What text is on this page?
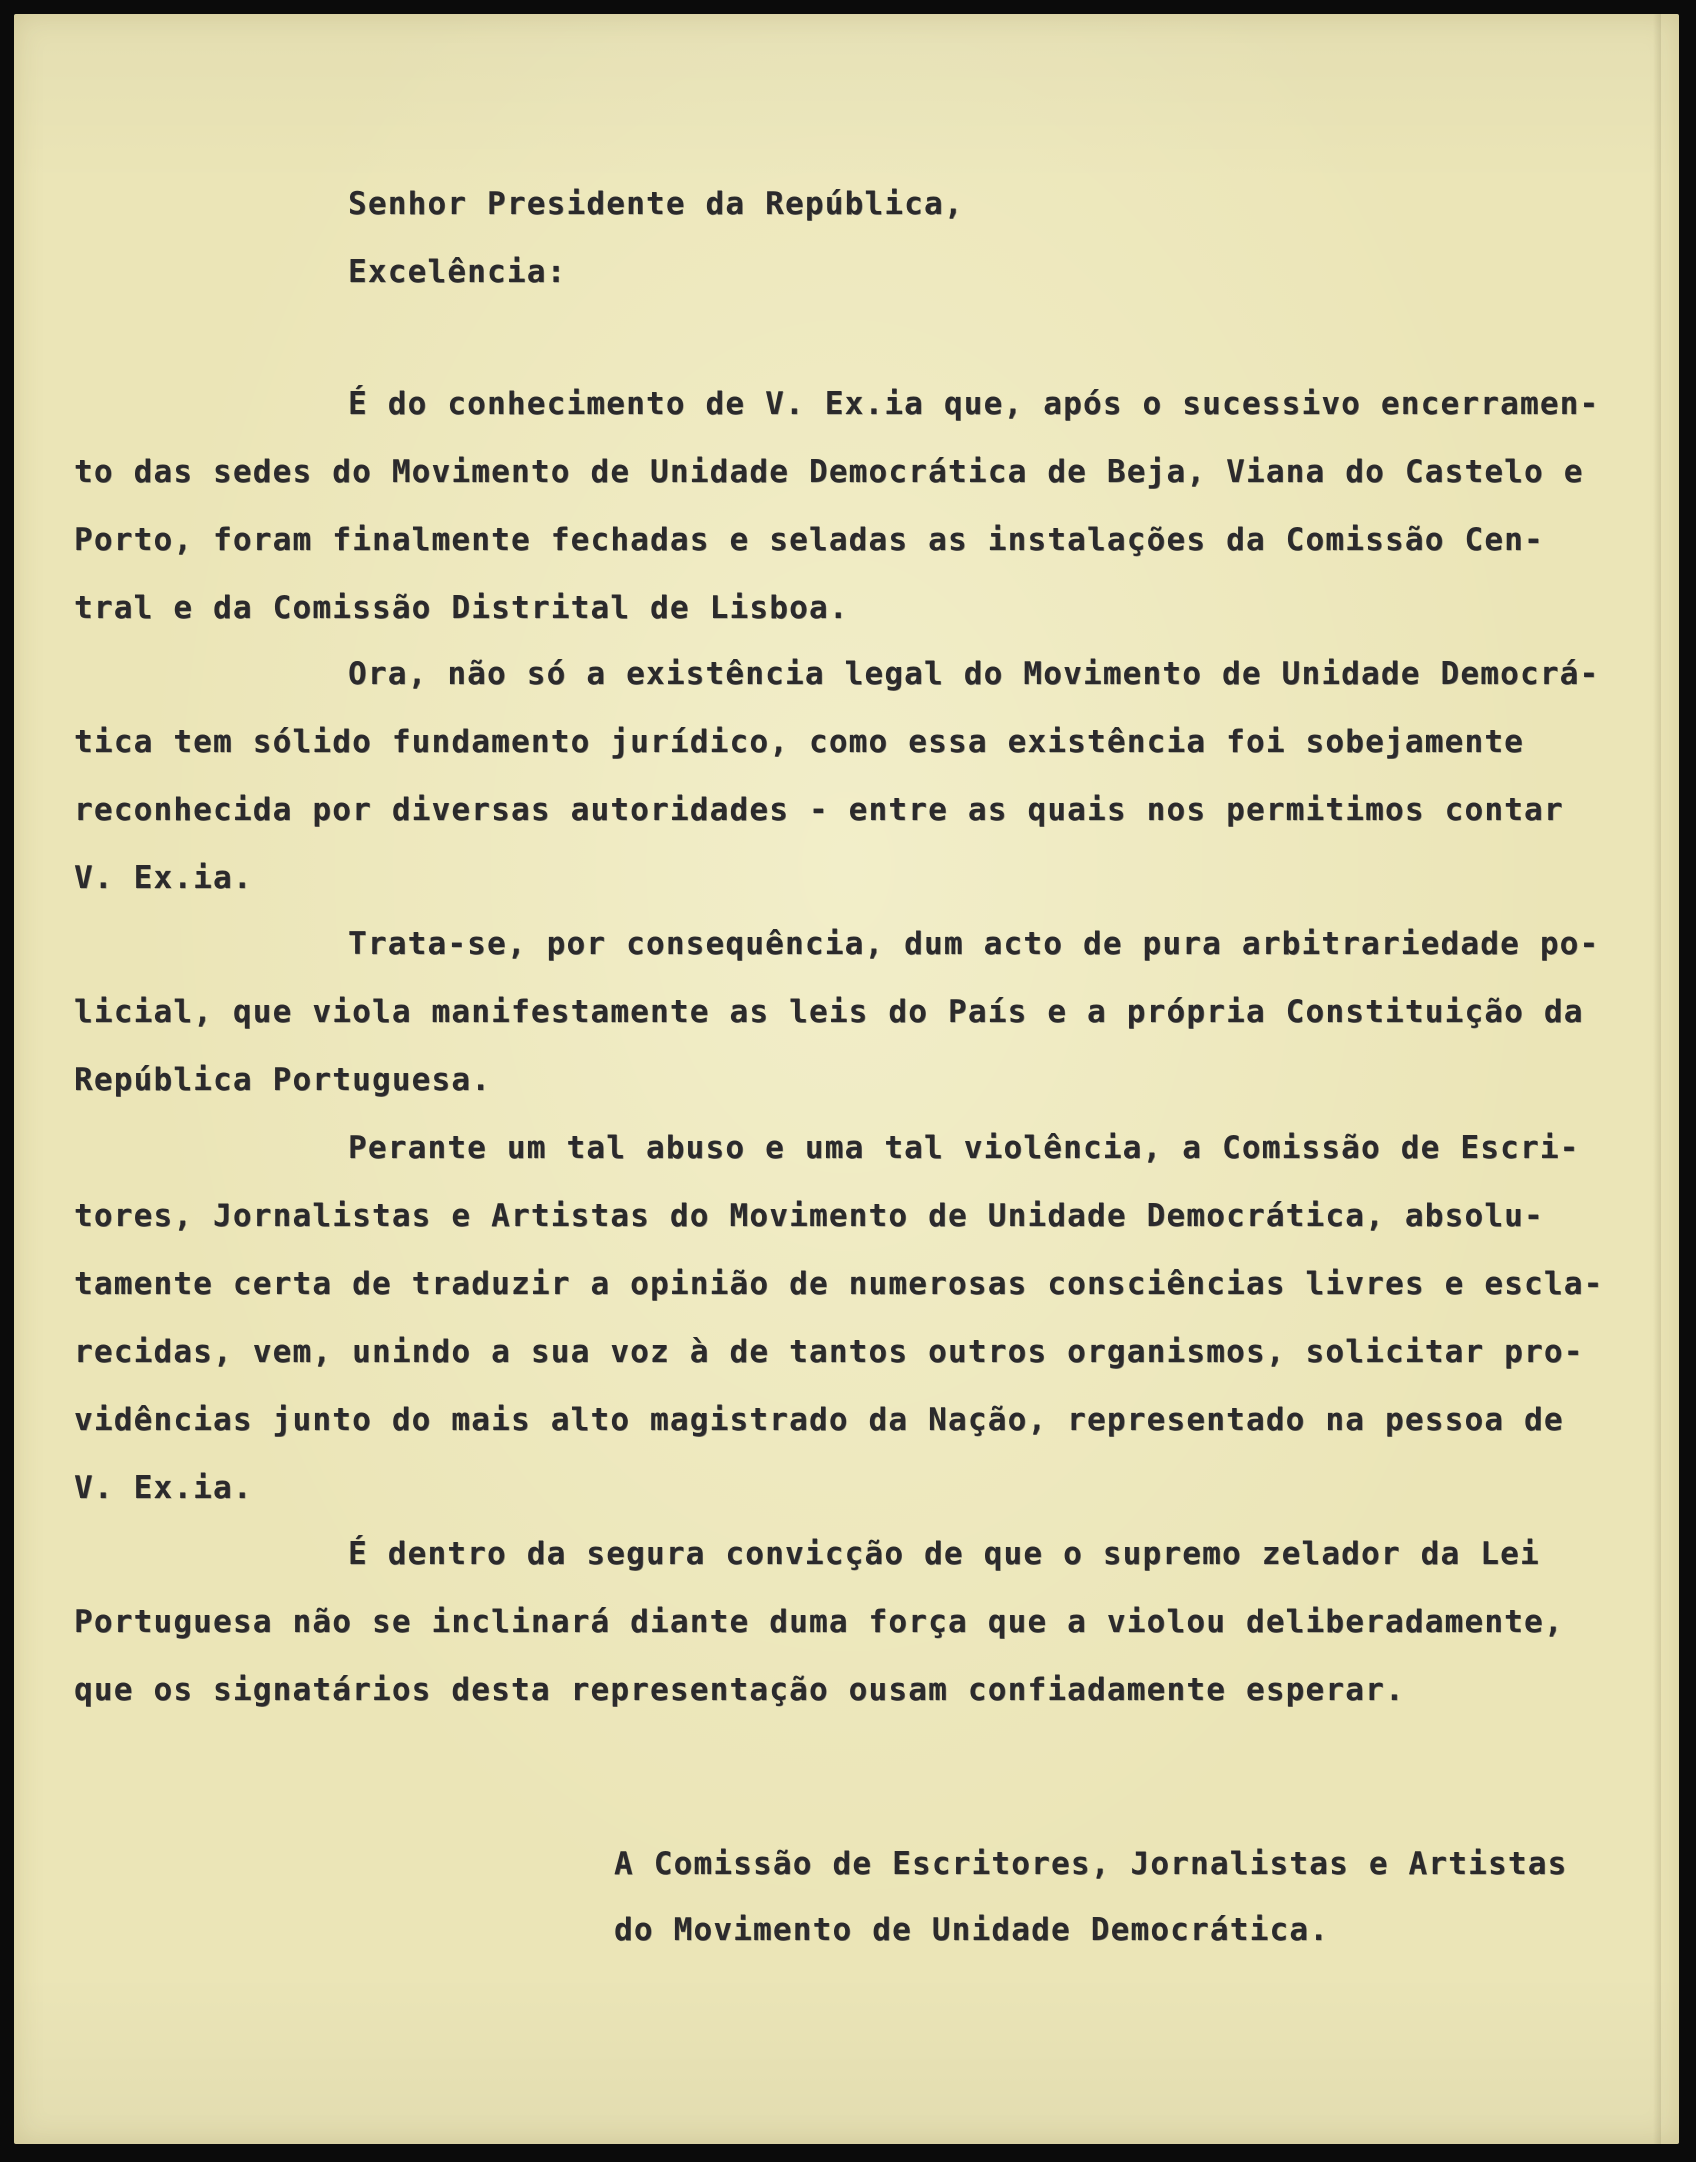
Senhor Presidente da República,
Excelência:
É do conhecimento de V. Ex.ia que, após o sucessivo encerramen-
to das sedes do Movimento de Unidade Democrática de Beja, Viana do Castelo e
Porto, foram finalmente fechadas e seladas as instalações da Comissão Cen-
tral e da Comissão Distrital de Lisboa.
Ora, não só a existência legal do Movimento de Unidade Democrá-
tica tem sólido fundamento jurídico, como essa existência foi sobejamente
reconhecida por diversas autoridades - entre as quais nos permitimos contar
V. Ex.ia.
Trata-se, por consequência, dum acto de pura arbitrariedade po-
licial, que viola manifestamente as leis do País e a própria Constituição da
República Portuguesa.
Perante um tal abuso e uma tal violência, a Comissão de Escri-
tores, Jornalistas e Artistas do Movimento de Unidade Democrática, absolu-
tamente certa de traduzir a opinião de numerosas consciências livres e escla-
recidas, vem, unindo a sua voz à de tantos outros organismos, solicitar pro-
vidências junto do mais alto magistrado da Nação, representado na pessoa de
V. Ex.ia.
É dentro da segura convicção de que o supremo zelador da Lei
Portuguesa não se inclinará diante duma força que a violou deliberadamente,
que os signatários desta representação ousam confiadamente esperar.
A Comissão de Escritores, Jornalistas e Artistas
do Movimento de Unidade Democrática.
